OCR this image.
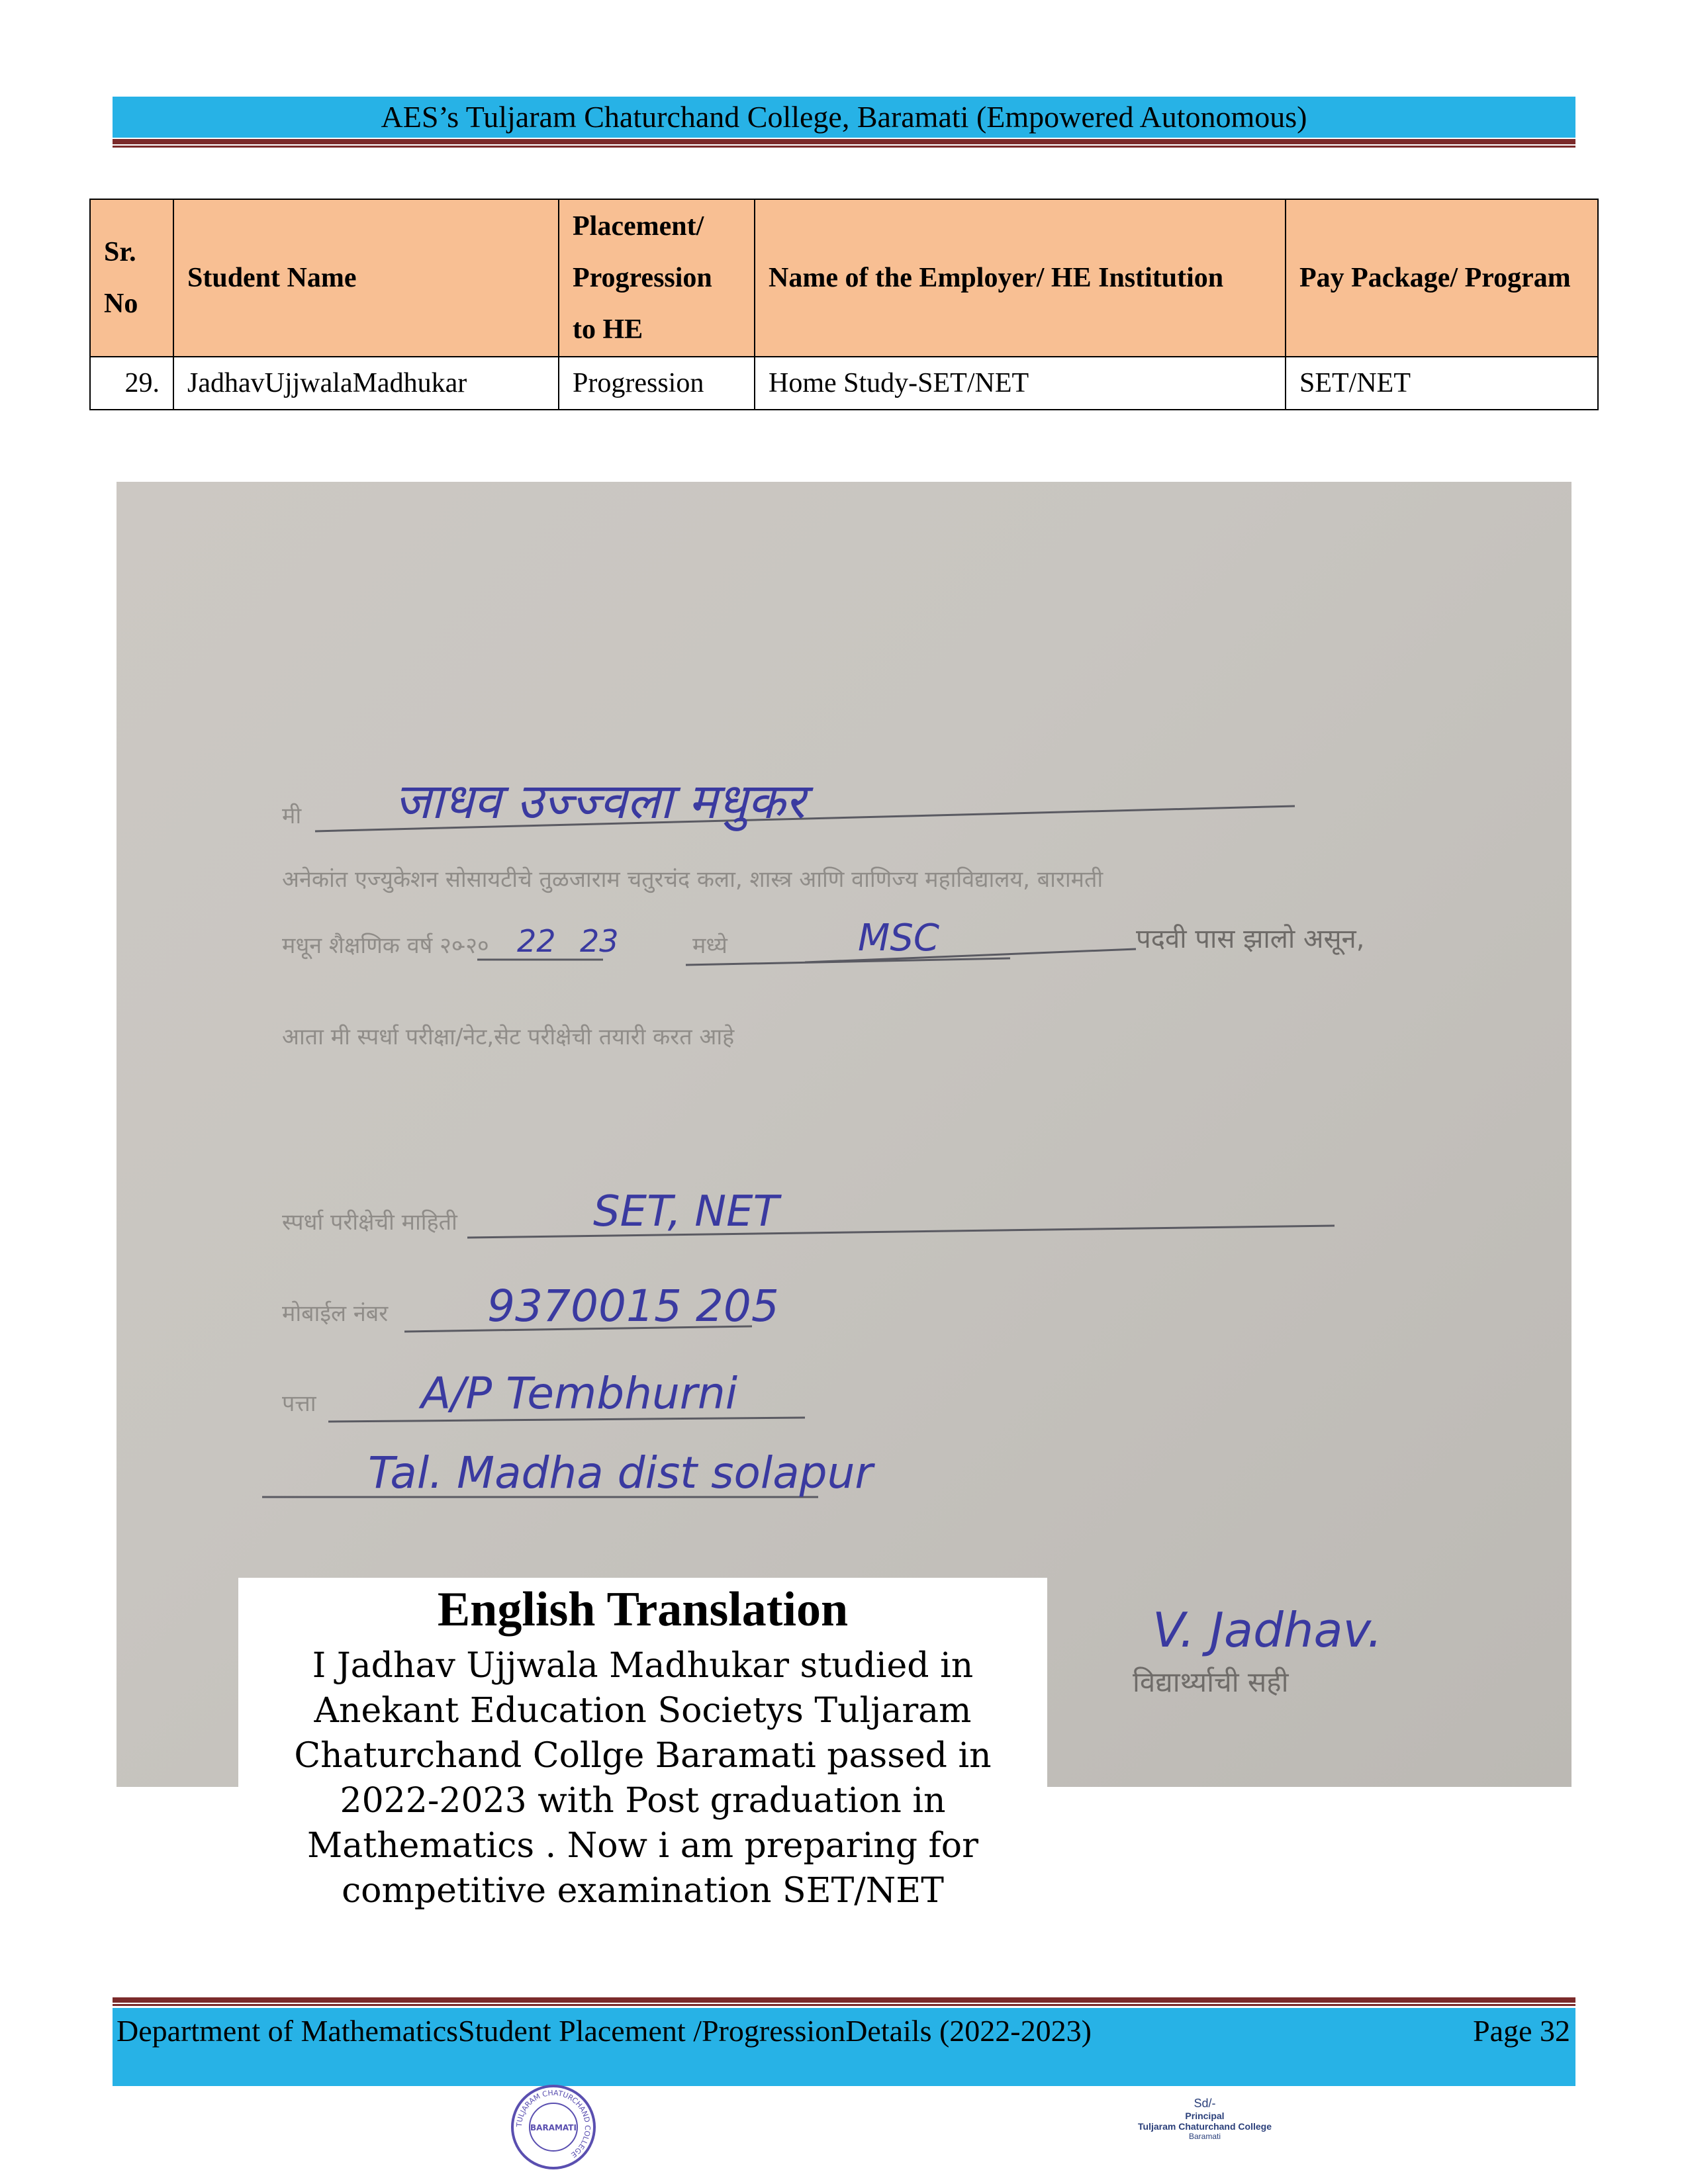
AES’s Tuljaram Chaturchand College, Baramati (Empowered Autonomous)
Sr. No	Student Name	Placement/ Progression to HE	Name of the Employer/ HE Institution	Pay Package/ Program
29.	JadhavUjjwalaMadhukar	Progression	Home Study-SET/NET	SET/NET
मी
अनेकांत एज्युकेशन सोसायटीचे तुळजाराम चतुरचंद कला, शास्त्र आणि वाणिज्य महाविद्यालय, बारामती
मधून शैक्षणिक वर्ष २०
-२०	मध्ये	पदवी पास झालो असून,
आता मी स्पर्धा परीक्षा/नेट,सेट परीक्षेची तयारी करत आहे
स्पर्धा परीक्षेची माहिती
मोबाईल नंबर
पत्ता
विद्यार्थ्याची सही
जाधव उज्ज्वला मधुकर
22 23	MSC
SET, NET
9370015 205
A/P Tembhurni
Tal. Madha dist solapur
V. Jadhav.
English Translation

I Jadhav Ujjwala Madhukar studied in Anekant Education Societys Tuljaram Chaturchand Collge Baramati passed in 2022-2023 with Post graduation in Mathematics . Now i am preparing for competitive examination SET/NET

Department of MathematicsStudent Placement /ProgressionDetails (2022-2023)	Page 32
TULJARAM CHATURCHAND COLLEGE
BARAMATI
Sd/-
Principal
Tuljaram Chaturchand College
Baramati
